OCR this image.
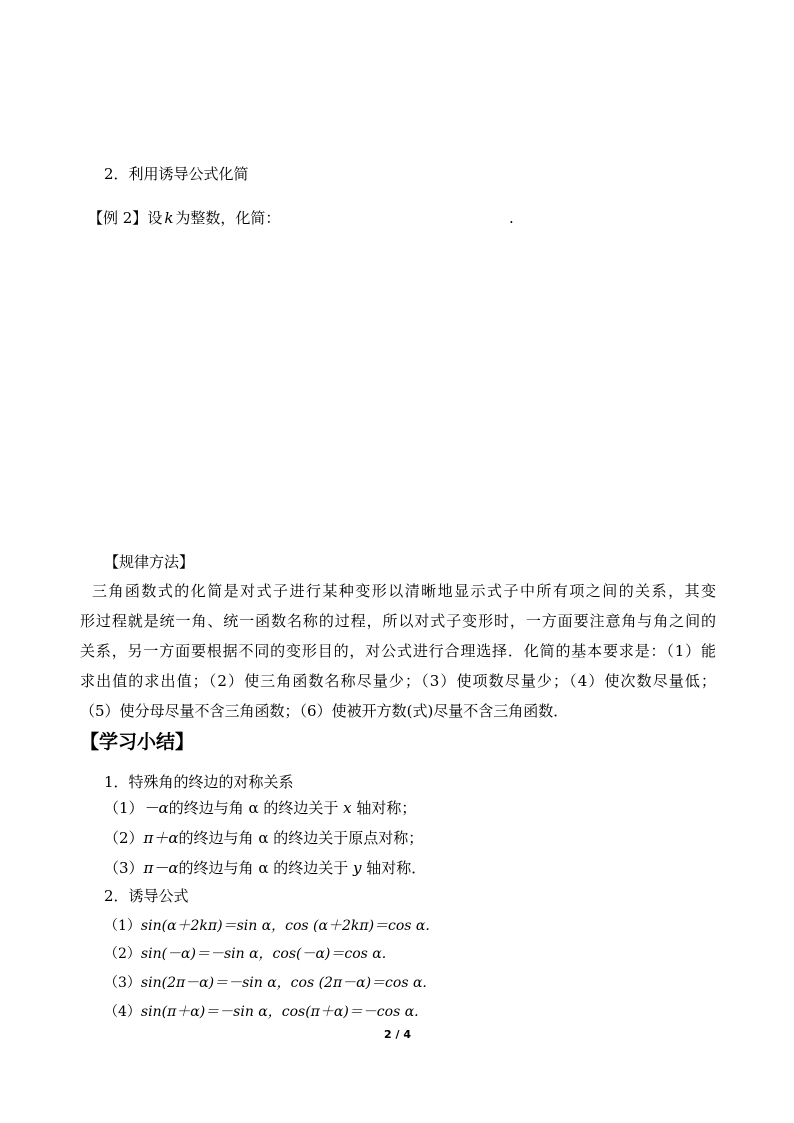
2．利用诱导公式化简
【例 2】设 k 为整数，化简：	.
【规律方法】
三角函数式的化简是对式子进行某种变形以清晰地显示式子中所有项之间的关系，其变
形过程就是统一角、统一函数名称的过程，所以对式子变形时，一方面要注意角与角之间的
关系，另一方面要根据不同的变形目的，对公式进行合理选择．化简的基本要求是：（1）能
求出值的求出值；（2）使三角函数名称尽量少；（3）使项数尽量少；（4）使次数尽量低；
（5）使分母尽量不含三角函数；（6）使被开方数(式)尽量不含三角函数．
【学习小结】
1．特殊角的终边的对称关系
（1）－α的终边与角 α 的终边关于 x 轴对称；
（2）π＋α的终边与角 α 的终边关于原点对称；
（3）π－α的终边与角 α 的终边关于 y 轴对称．
2．诱导公式
（1）sin(α＋2kπ)＝sin α，cos (α＋2kπ)＝cos α.
（2）sin(－α)＝－sin α，cos(－α)＝cos α.
（3）sin(2π－α)＝－sin α，cos (2π－α)＝cos α.
（4）sin(π＋α)＝－sin α，cos(π＋α)＝－cos α.
2 / 4
